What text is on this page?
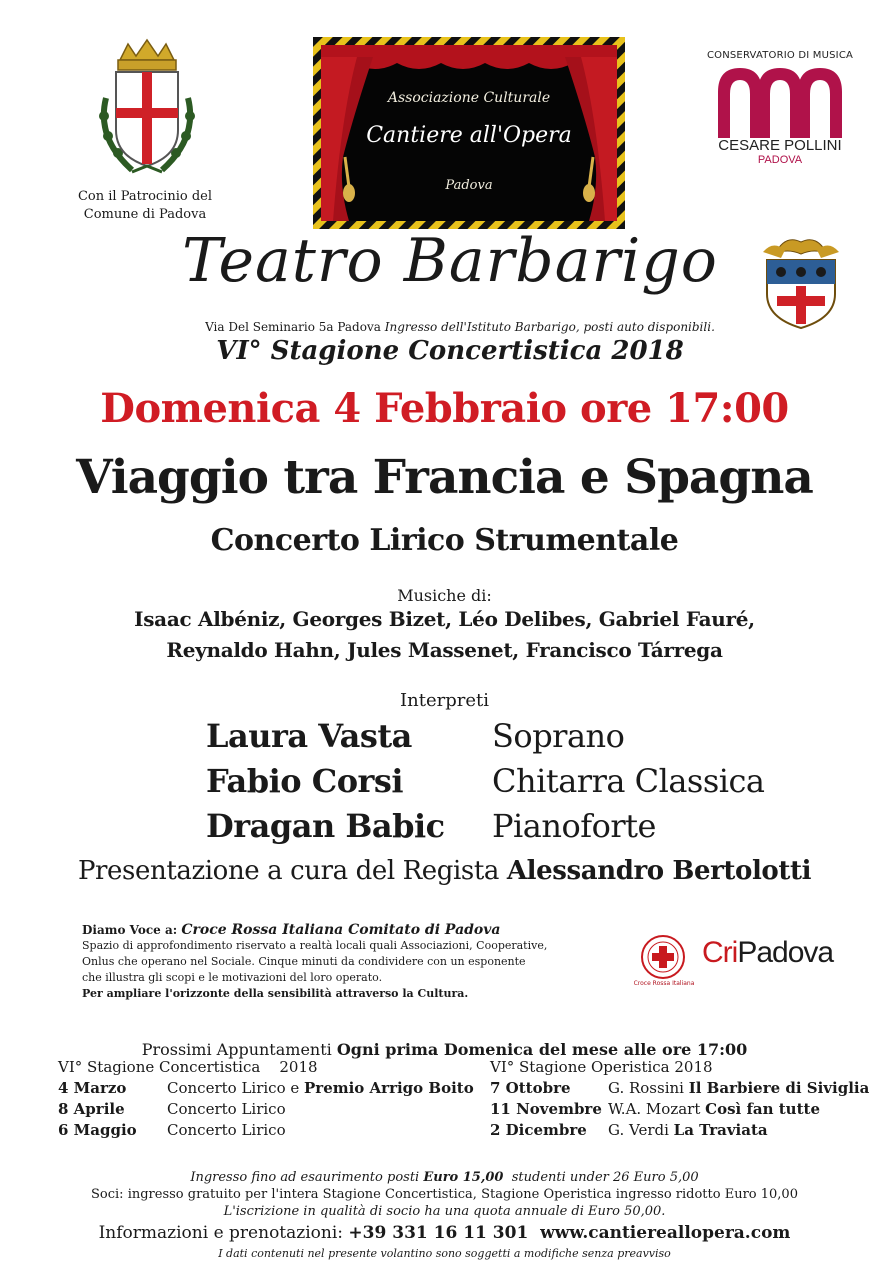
Con il Patrocinio del
Comune di Padova
Associazione Culturale
Cantiere all'Opera
Padova
CONSERVATORIO DI MUSICA
CESARE POLLINI
PADOVA
Teatro Barbarigo
Via Del Seminario 5a Padova Ingresso dell'Istituto Barbarigo, posti auto disponibili.
VI° Stagione Concertistica 2018
Domenica 4 Febbraio ore 17:00
Viaggio tra Francia e Spagna
Concerto Lirico Strumentale
Musiche di:
Isaac Albéniz, Georges Bizet, Léo Delibes, Gabriel Fauré,
Reynaldo Hahn, Jules Massenet, Francisco Tárrega
Interpreti
Laura Vasta	Soprano
Fabio Corsi	Chitarra Classica
Dragan Babic	Pianoforte
Presentazione a cura del Regista Alessandro Bertolotti
Diamo Voce a: Croce Rossa Italiana Comitato di Padova
Spazio di approfondimento riservato a realtà locali quali Associazioni, Cooperative,
Onlus che operano nel Sociale. Cinque minuti da condividere con un esponente
che illustra gli scopi e le motivazioni del loro operato.
Per ampliare l'orizzonte della sensibilità attraverso la Cultura.
Croce Rossa Italiana
CriPadova
Prossimi Appuntamenti Ogni prima Domenica del mese alle ore 17:00
VI° Stagione Concertistica    2018	VI° Stagione Operistica 2018
4 Marzo	Concerto Lirico e Premio Arrigo Boito
8 Aprile	Concerto Lirico
6 Maggio Concerto Lirico
7 Ottobre G. Rossini Il Barbiere di Siviglia
11 Novembre W.A. Mozart Così fan tutte
2 Dicembre G. Verdi La Traviata
Ingresso fino ad esaurimento posti Euro 15,00  studenti under 26 Euro 5,00
Soci: ingresso gratuito per l'intera Stagione Concertistica, Stagione Operistica ingresso ridotto Euro 10,00
L'iscrizione in qualità di socio ha una quota annuale di Euro 50,00.
Informazioni e prenotazioni: +39 331 16 11 301  www.cantiereallopera.com
I dati contenuti nel presente volantino sono soggetti a modifiche senza preavviso
